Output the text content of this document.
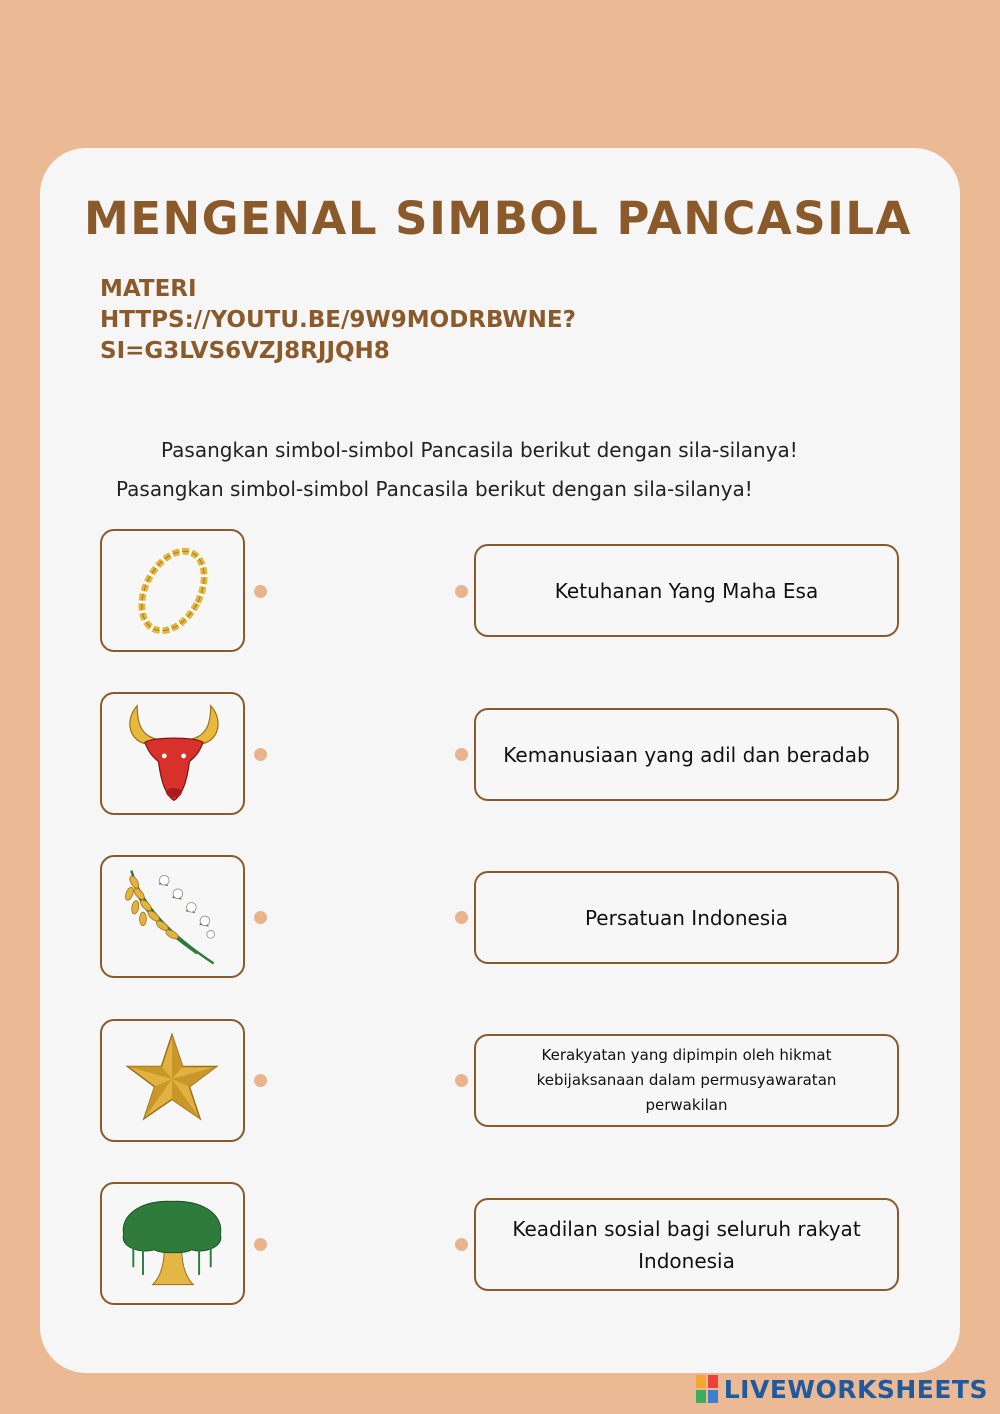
MENGENAL SIMBOL PANCASILA
MATERI
HTTPS://YOUTU.BE/9W9MODRBWNE?
SI=G3LVS6VZJ8RJJQH8
Pasangkan simbol-simbol Pancasila berikut dengan sila-silanya!
Pasangkan simbol-simbol Pancasila berikut dengan sila-silanya!
Ketuhanan Yang Maha Esa
Kemanusiaan yang adil dan beradab
Persatuan Indonesia
Kerakyatan yang dipimpin oleh hikmat kebijaksanaan dalam permusyawaratan perwakilan
Keadilan sosial bagi seluruh rakyat Indonesia
LIVEWORKSHEETS
